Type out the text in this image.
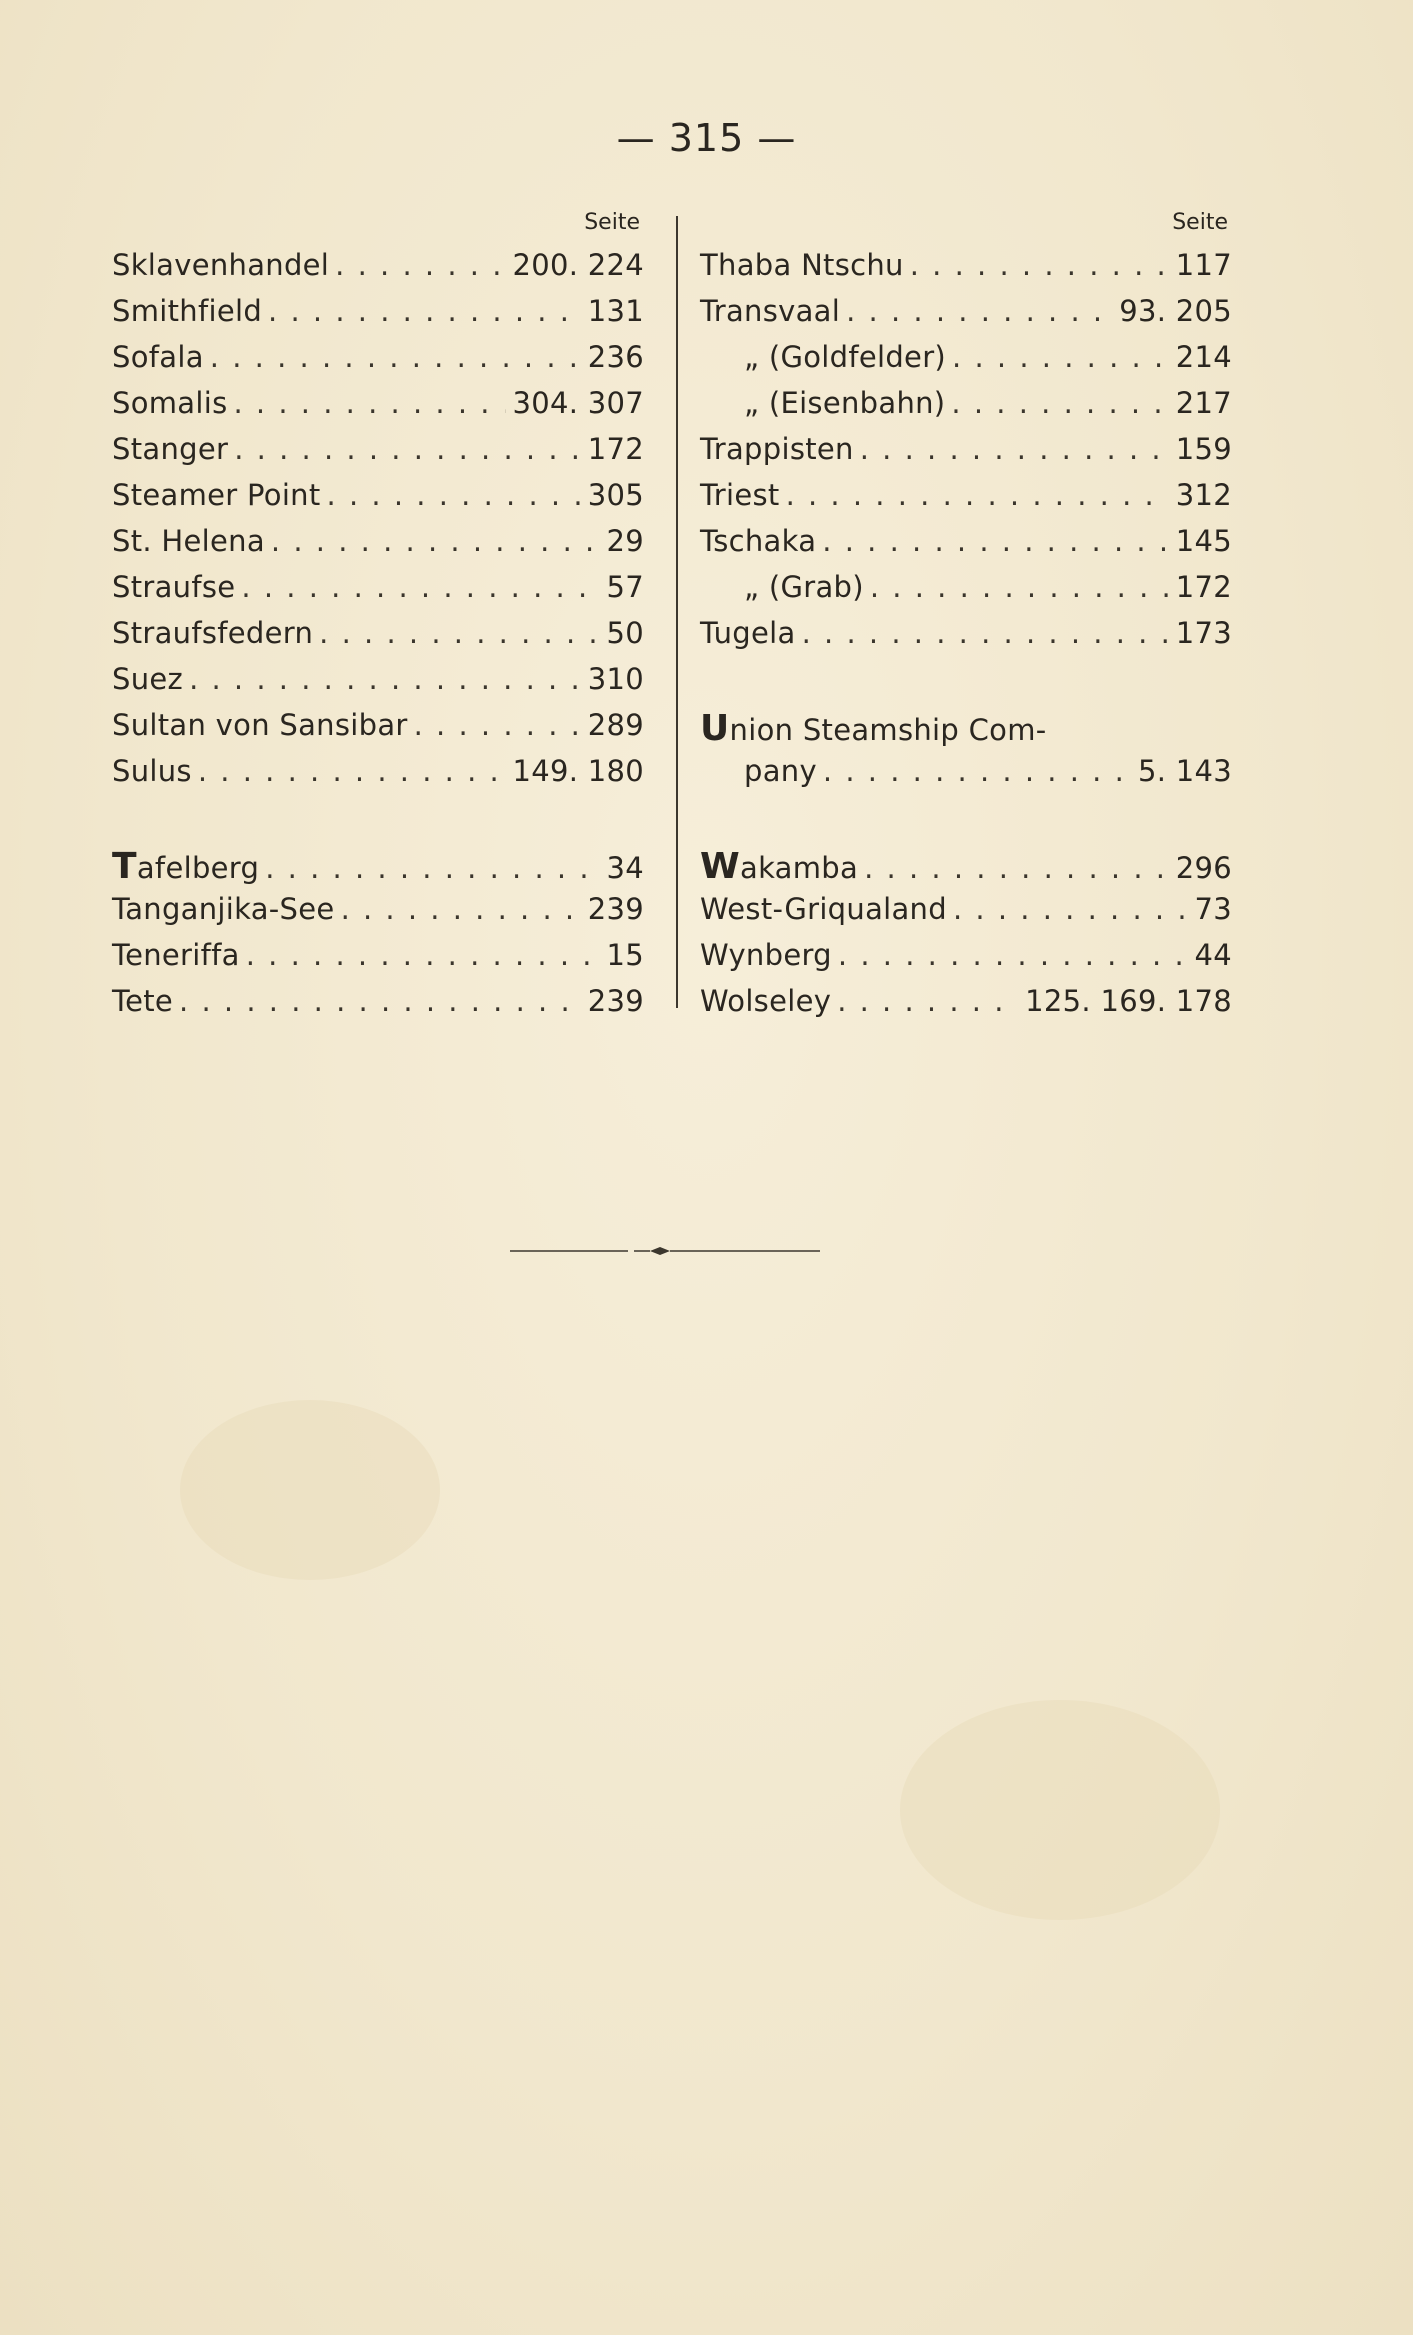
— 315 —
Seite
Sklavenhandel . . .	200. 224
Smithfield . . .	131
Sofala . . .	236
Somalis . . .	304. 307
Stanger . . .	172
Steamer Point . . .	305
St. Helena . . .	29
Straufse . . .	57
Straufsfedern . . .	50
Suez . . .	310
Sultan von Sansibar . . .	289
Sulus . . .	149. 180
Tafelberg . . .	34
Tanganjika-See . . .	239
Teneriffa . . .	15
Tete . . .	239
Seite
Thaba Ntschu . . .	117
Transvaal . . .	93. 205
„ (Goldfelder) . . .	214
„ (Eisenbahn) . . .	217
Trappisten . . .	159
Triest . . .	312
Tschaka . . .	145
„ (Grab) . . .	172
Tugela . . .	173
Union Steamship Com-
pany . . .	5. 143
Wakamba . . .	296
West-Griqualand . . .	73
Wynberg . . .	44
Wolseley . . .	125. 169. 178
